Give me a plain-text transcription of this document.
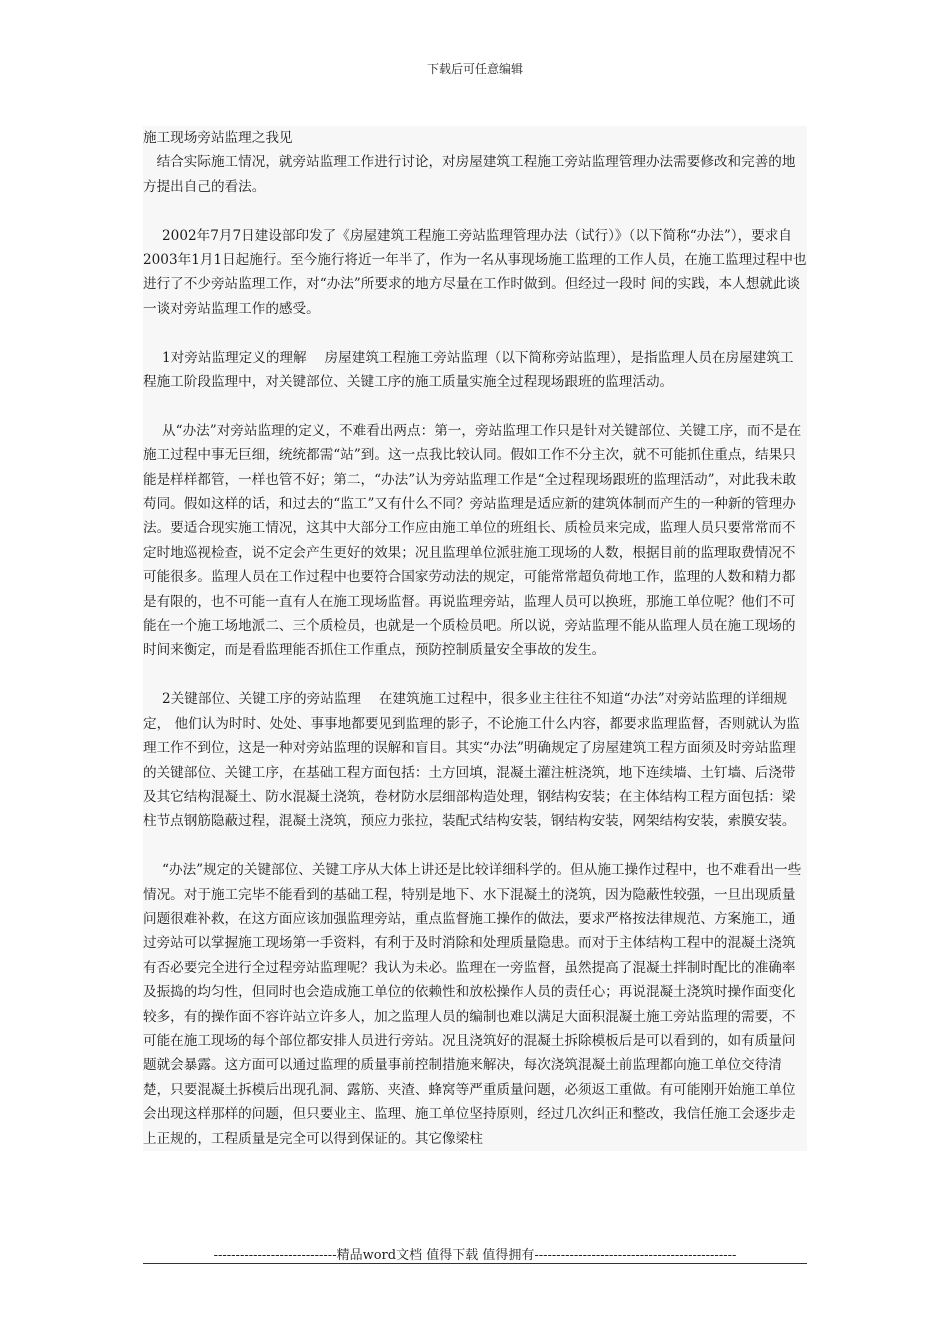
下载后可任意编辑

施工现场旁站监理之我见

结合实际施工情况，就旁站监理工作进行讨论，对房屋建筑工程施工旁站监理管理办法需要修改和完善的地方提出自己的看法。

2002年7月7日建设部印发了《房屋建筑工程施工旁站监理管理办法（试行）》（以下简称“办法”），要求自2003年1月1日起施行。至今施行将近一年半了，作为一名从事现场施工监理的工作人员，在施工监理过程中也进行了不少旁站监理工作，对“办法”所要求的地方尽量在工作时做到。但经过一段时 间的实践，本人想就此谈一谈对旁站监理工作的感受。

1对旁站监理定义的理解　 房屋建筑工程施工旁站监理（以下简称旁站监理），是指监理人员在房屋建筑工程施工阶段监理中，对关键部位、关键工序的施工质量实施全过程现场跟班的监理活动。

从“办法”对旁站监理的定义，不难看出两点：第一，旁站监理工作只是针对关键部位、关键工序，而不是在施工过程中事无巨细，统统都需“站”到。这一点我比较认同。假如工作不分主次，就不可能抓住重点，结果只能是样样都管，一样也管不好；第二，“办法”认为旁站监理工作是“全过程现场跟班的监理活动”，对此我未敢苟同。假如这样的话，和过去的“监工”又有什么不同？旁站监理是适应新的建筑体制而产生的一种新的管理办法。要适合现实施工情况，这其中大部分工作应由施工单位的班组长、质检员来完成，监理人员只要常常而不定时地巡视检查，说不定会产生更好的效果；况且监理单位派驻施工现场的人数，根据目前的监理取费情况不可能很多。监理人员在工作过程中也要符合国家劳动法的规定，可能常常超负荷地工作，监理的人数和精力都是有限的，也不可能一直有人在施工现场监督。再说监理旁站，监理人员可以换班，那施工单位呢？他们不可能在一个施工场地派二、三个质检员，也就是一个质检员吧。所以说，旁站监理不能从监理人员在施工现场的时间来衡定，而是看监理能否抓住工作重点，预防控制质量安全事故的发生。

2关键部位、关键工序的旁站监理　 在建筑施工过程中，很多业主往往不知道“办法”对旁站监理的详细规定， 他们认为时时、处处、事事地都要见到监理的影子，不论施工什么内容，都要求监理监督，否则就认为监理工作不到位，这是一种对旁站监理的误解和盲目。其实“办法”明确规定了房屋建筑工程方面须及时旁站监理的关键部位、关键工序，在基础工程方面包括：土方回填，混凝土灌注桩浇筑，地下连续墙、土钉墙、后浇带及其它结构混凝土、防水混凝土浇筑，卷材防水层细部构造处理，钢结构安装；在主体结构工程方面包括：梁柱节点钢筋隐蔽过程，混凝土浇筑，预应力张拉，装配式结构安装，钢结构安装，网架结构安装，索膜安装。

“办法”规定的关键部位、关键工序从大体上讲还是比较详细科学的。但从施工操作过程中，也不难看出一些情况。对于施工完毕不能看到的基础工程，特别是地下、水下混凝土的浇筑，因为隐蔽性较强，一旦出现质量问题很难补救，在这方面应该加强监理旁站，重点监督施工操作的做法，要求严格按法律规范、方案施工，通过旁站可以掌握施工现场第一手资料，有利于及时消除和处理质量隐患。而对于主体结构工程中的混凝土浇筑有否必要完全进行全过程旁站监理呢？我认为未必。监理在一旁监督，虽然提高了混凝土拌制时配比的准确率及振捣的均匀性，但同时也会造成施工单位的依赖性和放松操作人员的责任心；再说混凝土浇筑时操作面变化较多，有的操作面不容许站立许多人，加之监理人员的编制也难以满足大面积混凝土施工旁站监理的需要，不可能在施工现场的每个部位都安排人员进行旁站。况且浇筑好的混凝土拆除模板后是可以看到的，如有质量问题就会暴露。这方面可以通过监理的质量事前控制措施来解决，每次浇筑混凝土前监理都向施工单位交待清楚，只要混凝土拆模后出现孔洞、露筋、夹渣、蜂窝等严重质量问题，必须返工重做。有可能刚开始施工单位会出现这样那样的问题，但只要业主、监理、施工单位坚持原则，经过几次纠正和整改，我信任施工会逐步走上正规的，工程质量是完全可以得到保证的。其它像梁柱

----------------------------精品word文档 值得下载 值得拥有----------------------------------------------
